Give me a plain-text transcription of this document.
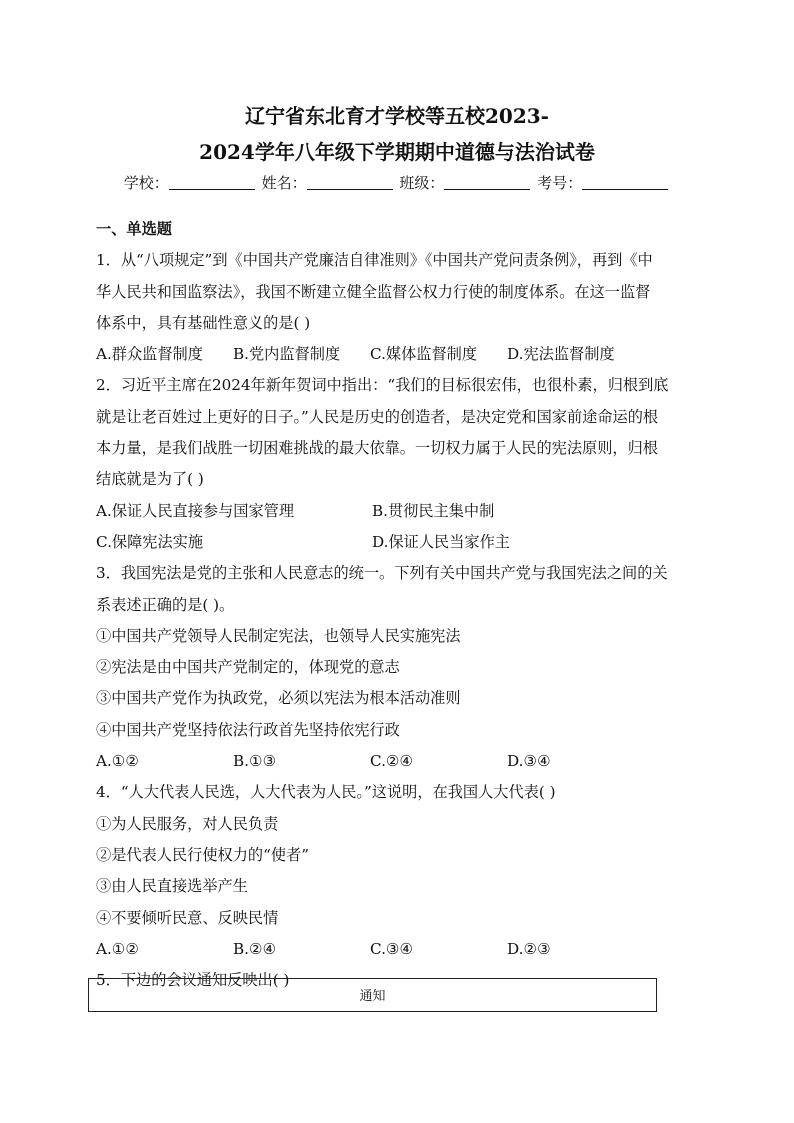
辽宁省东北育才学校等五校2023-
2024学年八年级下学期期中道德与法治试卷
学校：	姓名：	班级：	考号：
一、单选题
1．从“八项规定”到《中国共产党廉洁自律准则》《中国共产党问责条例》，再到《中
华人民共和国监察法》，我国不断建立健全监督公权力行使的制度体系。在这一监督
体系中，具有基础性意义的是( )
A.群众监督制度	B.党内监督制度	C.媒体监督制度	D.宪法监督制度
2．习近平主席在2024年新年贺词中指出：“我们的目标很宏伟，也很朴素，归根到底
就是让老百姓过上更好的日子。”人民是历史的创造者，是决定党和国家前途命运的根
本力量，是我们战胜一切困难挑战的最大依靠。一切权力属于人民的宪法原则，归根
结底就是为了( )
A.保证人民直接参与国家管理	B.贯彻民主集中制
C.保障宪法实施	D.保证人民当家作主
3．我国宪法是党的主张和人民意志的统一。下列有关中国共产党与我国宪法之间的关
系表述正确的是( )。
①中国共产党领导人民制定宪法，也领导人民实施宪法
②宪法是由中国共产党制定的，体现党的意志
③中国共产党作为执政党，必须以宪法为根本活动准则
④中国共产党坚持依法行政首先坚持依宪行政
A.①②	B.①③	C.②④	D.③④
4．“人大代表人民选，人大代表为人民。”这说明，在我国人大代表( )
①为人民服务，对人民负责
②是代表人民行使权力的“使者”
③由人民直接选举产生
④不要倾听民意、反映民情
A.①②	B.②④	C.③④	D.②③
5．下边的会议通知反映出( )
通知
